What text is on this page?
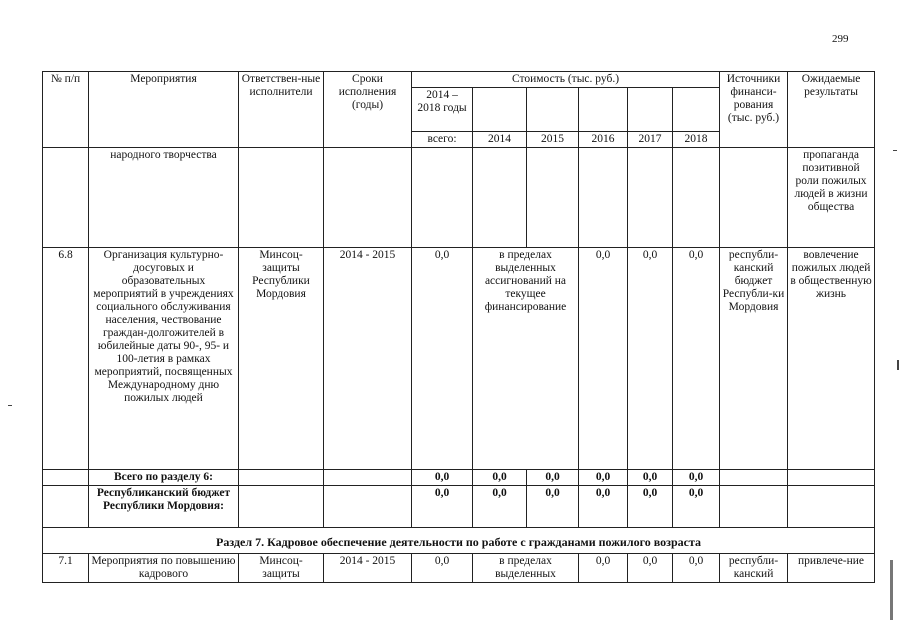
299
№ п/п	Мероприятия	Ответствен-ные исполнители	Сроки исполнения (годы)	Стоимость (тыс. руб.)						Источники финанси-рования (тыс. руб.)	Ожидаемые результаты
				2014 – 2018 годы							
				всего:	2014	2015	2016	2017	2018		
	народного творчества										пропаганда позитивной роли пожилых людей в жизни общества
6.8	Организация культурно-досуговых и образовательных мероприятий в учреждениях социального обслуживания населения, чествование граждан-долгожителей в юбилейные даты 90-, 95- и 100-летия в рамках мероприятий, посвященных Международному дню пожилых людей	Минсоц-защиты Республики Мордовия	2014 - 2015	0,0	в пределах выделенных ассигнований на текущее финансирование		0,0	0,0	0,0	республи-канский бюджет Республи-ки Мордовия	вовлечение пожилых людей в общественную жизнь
	Всего по разделу 6:			0,0	0,0	0,0	0,0	0,0	0,0		
	Республиканский бюджет Республики Мордовия:			0,0	0,0	0,0	0,0	0,0	0,0		
Раздел 7. Кадровое обеспечение деятельности по работе с гражданами пожилого возраста											
7.1	Мероприятия по повышению кадрового	Минсоц-защиты	2014 - 2015	0,0	в пределах выделенных		0,0	0,0	0,0	республи-канский	привлече-ние
